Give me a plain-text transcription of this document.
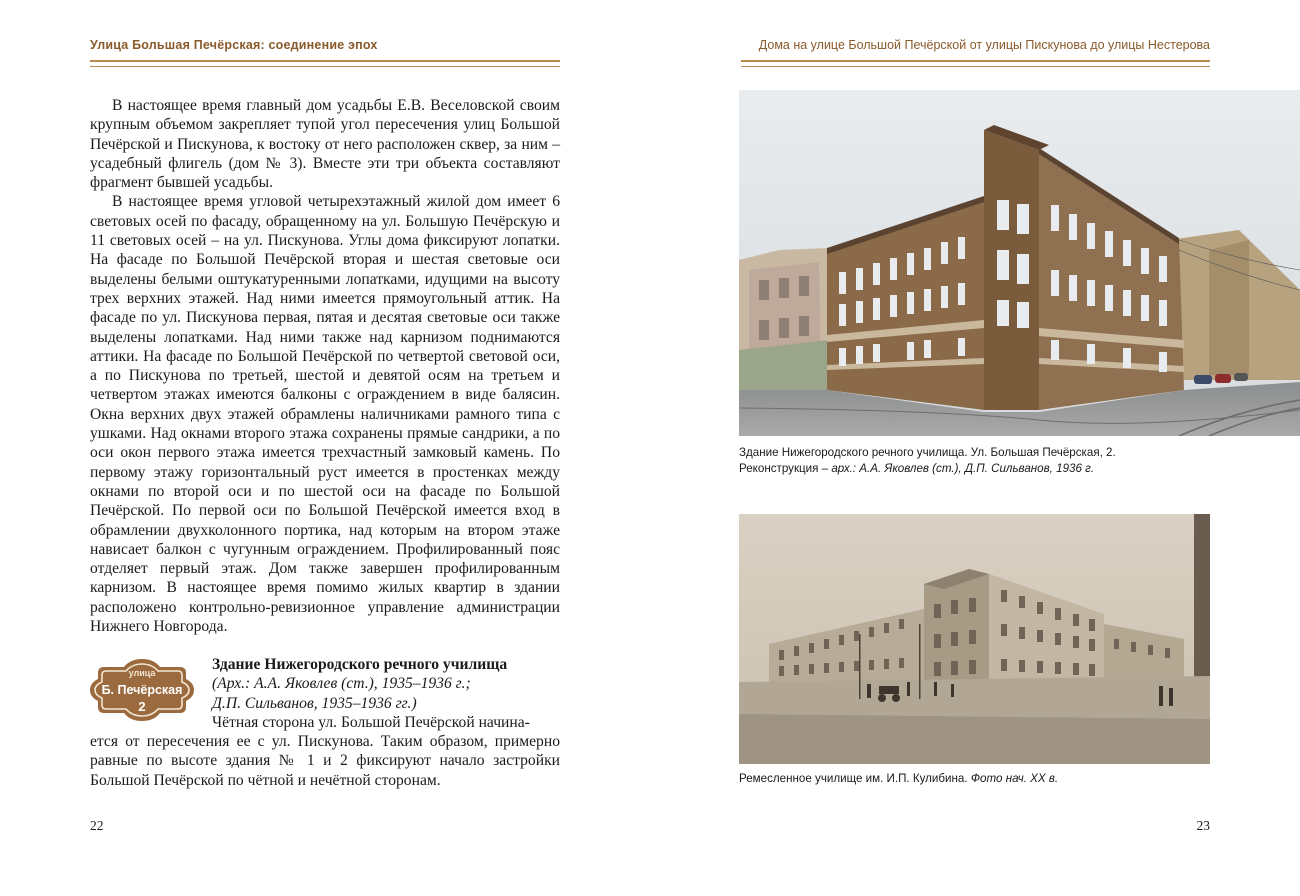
Улица Большая Печёрская: соединение эпох

В настоящее время главный дом усадьбы Е.В. Веселовской своим крупным объемом закрепляет тупой угол пересечения улиц Большой Печёрской и Пискунова, к востоку от него расположен сквер, за ним – усадебный флигель (дом № 3). Вместе эти три объекта составляют фрагмент бывшей усадьбы.

В настоящее время угловой четырехэтажный жилой дом имеет 6 световых осей по фасаду, обращенному на ул. Большую Печёрскую и 11 световых осей – на ул. Пискунова. Углы дома фиксируют лопатки. На фасаде по Большой Печёрской вторая и шестая световые оси выделены белыми оштукатуренными лопатками, идущими на высоту трех верхних этажей. Над ними имеется прямоугольный аттик. На фасаде по ул. Пискунова первая, пятая и десятая световые оси также выделены лопатками. Над ними также над карнизом поднимаются аттики. На фасаде по Большой Печёрской по четвертой световой оси, а по Пискунова по третьей, шестой и девятой осям на третьем и четвертом этажах имеются балконы с ограждением в виде балясин. Окна верхних двух этажей обрамлены наличниками рамного типа с ушками. Над окнами второго этажа сохранены прямые сандрики, а по оси окон первого этажа имеется трехчастный замковый камень. По первому этажу горизонтальный руст имеется в простенках между окнами по второй оси и по шестой оси на фасаде по Большой Печёрской. По первой оси по Большой Печёрской имеется вход в обрамлении двухколонного портика, над которым на втором этаже нависает балкон с чугунным ограждением. Профилированный пояс отделяет первый этаж. Дом также завершен профилированным карнизом. В настоящее время помимо жилых квартир в здании расположено контрольно-ревизионное управление администрации Нижнего Новгорода.

улица
Б. Печёрская
2
Здание Нижегородского речного училища
(Арх.: А.А. Яковлев (ст.), 1935–1936 г.;
Д.П. Сильванов, 1935–1936 гг.)
Чётная сторона ул. Большой Печёрской начина-
ется от пересечения ее с ул. Пискунова. Таким образом, примерно равные по высоте здания № 1 и 2 фиксируют начало застройки Большой Печёрской по чётной и нечётной сторонам.
22
Дома на улице Большой Печёрской от улицы Пискунова до улицы Нестерова
Здание Нижегородского речного училища. Ул. Большая Печёрская, 2.
Реконструкция – арх.: А.А. Яковлев (ст.), Д.П. Сильванов, 1936 г.
Ремесленное училище им. И.П. Кулибина. Фото нач. ХХ в.
23
